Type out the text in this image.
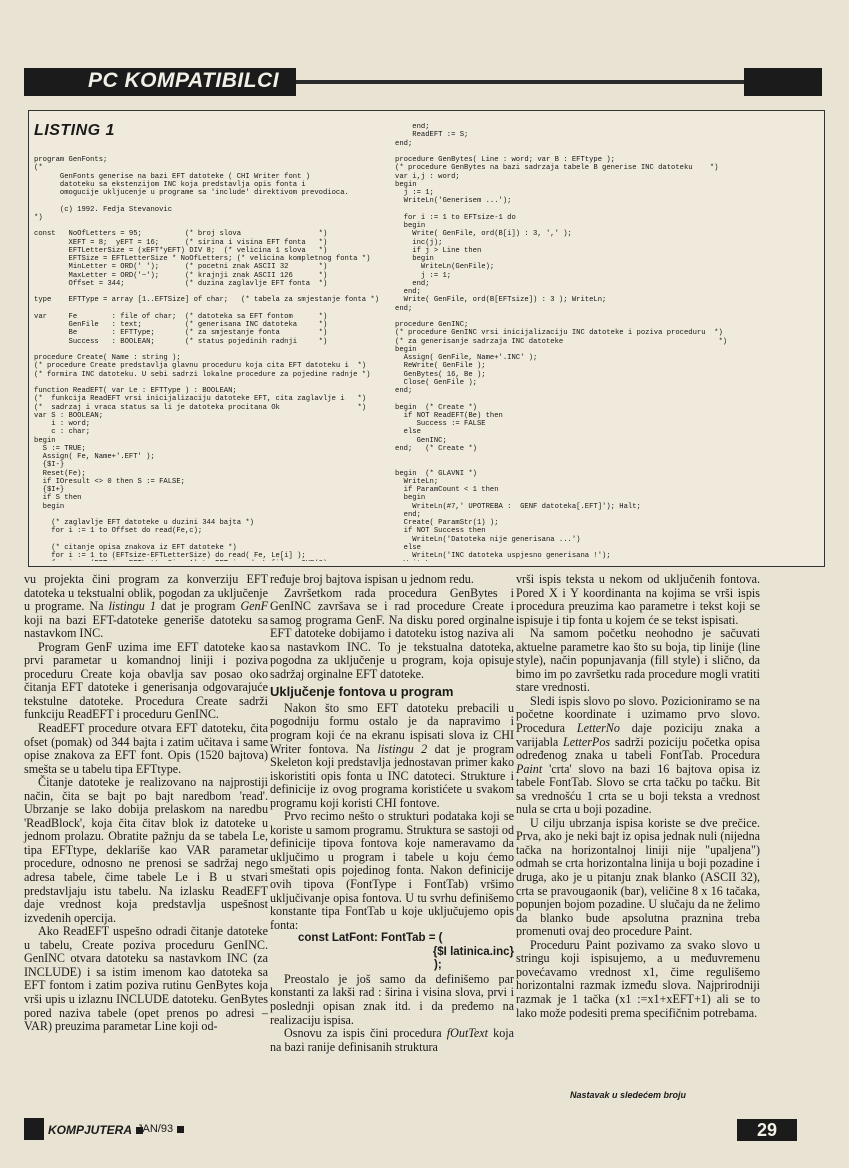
PC KOMPATIBILCI
LISTING 1
program GenFonts;
(*
GenFonts generise na bazi EFT datoteke ( CHI Writer font )
datoteku sa ekstenzijom INC koja predstavlja opis fonta i
omogucije ukljucenje u programe sa 'include' direktivom prevodioca.

(c) 1992. Fedja Stevanovic
*)

const   NoOfLetters = 95;          (* broj slova                  *)
XEFT = 8;  yEFT = 16;      (* sirina i visina EFT fonta   *)
EFTLetterSize = (xEFT*yEFT) DIV 8;  (* velicina 1 slova   *)
EFTSize = EFTLetterSize * NoOfLetters; (* velicina kompletnog fonta *)
MinLetter = ORD(' ');      (* pocetni znak ASCII 32       *)
MaxLetter = ORD('~');      (* krajnji znak ASCII 126      *)
Offset = 344;              (* duzina zaglavlje EFT fonta  *)

type    EFTType = array [1..EFTSize] of char;   (* tabela za smjestanje fonta *)

var     Fe        : file of char;  (* datoteka sa EFT fontom      *)
GenFile   : text;          (* generisana INC datoteka     *)
Be        : EFTType;       (* za smjestanje fonta         *)
Success   : BOOLEAN;       (* status pojedinih radnji     *)

procedure Create( Name : string );
(* procedure Create predstavlja glavnu proceduru koja cita EFT datoteku i  *)
(* formira INC datoteku. U sebi sadrzi lokalne procedure za pojedine radnje *)

function ReadEFT( var Le : EFTType ) : BOOLEAN;
(*  funkcija ReadEFT vrsi inicijalizaciju datoteke EFT, cita zaglavlje i   *)
(*  sadrzaj i vraca status sa li je datoteka procitana Ok                  *)
var S : BOOLEAN;
i : word;
c : char;
begin
S := TRUE;
Assign( Fe, Name+'.EFT' );
{$I-}
Reset(Fe);
if IOresult <> 0 then S := FALSE;
{$I+}
if S then
begin

(* zaglavlje EFT datoteke u duzini 344 bajta *)
for i := 1 to Offset do read(Fe,c);

(* citanje opisa znakova iz EFT datoteke *)
for i := 1 to (EFTsize-EFTLetterSize) do read( Fe, Le[i] );

end;
ReadEFT := S;
end;

procedure GenBytes( Line : word; var B : EFTtype );
(* procedure GenBytes na bazi sadrzaja tabele B generise INC datoteku    *)
var i,j : word;
begin
j := 1;
WriteLn('Generisem ...');

for i := 1 to EFTsize-1 do
begin
Write( GenFile, ord(B[i]) : 3, ',' );
inc(j);
if j > Line then
begin
WriteLn(GenFile);
j := 1;
end;
end;
Write( GenFile, ord(B[EFTsize]) : 3 ); WriteLn;
end;

procedure GenINC;
(* procedure GenINC vrsi inicijalizaciju INC datoteke i poziva proceduru  *)
(* za generisanje sadrzaja INC datoteke                                    *)
begin
Assign( GenFile, Name+'.INC' );
ReWrite( GenFile );
GenBytes( 16, Be );
Close( GenFile );
end;

begin  (* Create *)
if NOT ReadEFT(Be) then
Success := FALSE
else
GenINC;
end;   (* Create *)

begin  (* GLAVNI *)
WriteLn;
if ParamCount < 1 then
begin
WriteLn(#7,' UPOTREBA :  GENF datoteka[.EFT]'); Halt;
end;
Create( ParamStr(1) );
if NOT Success then
WriteLn('Datoteka nije generisana ...')
else
WriteLn('INC datoteka uspjesno generisana !');

vu projekta čini program za konverziju EFT datoteka u tekstualni oblik, pogodan za uključenje u programe. Na listingu 1 dat je program GenF koji na bazi EFT-datoteke generiše datoteku sa nastavkom INC.

Program GenF uzima ime EFT datoteke kao prvi parametar u komandnoj liniji i poziva proceduru Create koja obavlja sav posao oko čitanja EFT datoteke i generisanja odgovarajuće tekstulne datoteke. Procedura Create sadrži funkciju ReadEFT i proceduru GenINC.

ReadEFT procedure otvara EFT datoteku, čita ofset (pomak) od 344 bajta i zatim učitava i same opise znakova za EFT font. Opis (1520 bajtova) smešta se u tabelu tipa EFTtype.

Čitanje datoteke je realizovano na najprostiji način, čita se bajt po bajt naredbom 'read'. Ubrzanje se lako dobija prelaskom na naredbu 'ReadBlock', koja čita čitav blok iz datoteke u jednom prolazu. Obratite pažnju da se tabela Le, tipa EFTtype, deklariše kao VAR parametar procedure, odnosno ne prenosi se sadržaj nego adresa tabele, čime tabele Le i B u stvari predstavljaju istu tabelu. Na izlasku ReadEFT daje vrednost koja predstavlja uspešnost izvedenih opercija.

Ako ReadEFT uspešno odradi čitanje datoteke u tabelu, Create poziva proceduru GenINC. GenINC otvara datoteku sa nastavkom INC (za INCLUDE) i sa istim imenom kao datoteka sa EFT fontom i zatim poziva rutinu GenBytes koja vrši upis u izlaznu INCLUDE datoteku. GenBytes pored naziva tabele (opet prenos po adresi – VAR) preuzima parametar Line koji od-

ređuje broj bajtova ispisan u jednom redu.

Završetkom rada procedura GenBytes i GenINC završava se i rad procedure Create i samog programa GenF. Na disku pored orginalne EFT datoteke dobijamo i datoteku istog naziva ali sa nastavkom INC. To je tekstualna datoteka, pogodna za uključenje u program, koja opisuje sadržaj orginalne EFT datoteke.

Uključenje fontova u program

Nakon što smo EFT datoteku prebacili u pogodniju formu ostalo je da napravimo i program koji će na ekranu ispisati slova iz CHI Writer fontova. Na listingu 2 dat je program Skeleton koji predstavlja jednostavan primer kako iskoristiti opis fonta u INC datoteci. Strukture i definicije iz ovog programa koristićete u svakom programu koji koristi CHI fontove.

Prvo recimo nešto o strukturi podataka koji se koriste u samom programu. Struktura se sastoji od definicije tipova fontova koje nameravamo da uključimo u program i tabele u koju ćemo smeštati opis pojedinog fonta. Nakon definicije ovih tipova (FontType i FontTab) vršimo uključivanje opisa fontova. U tu svrhu definišemo konstante tipa FontTab u koje uključujemo opis fonta:

const LatFont: FontTab = (

{$I latinica.inc}

);

Preostalo je još samo da definišemo par konstanti za lakši rad : širina i visina slova, prvi i poslednji opisan znak itd. i da pređemo na realizaciju ispisa.

Osnovu za ispis čini procedura fOutText koja na bazi ranije definisanih struktura

vrši ispis teksta u nekom od uključenih fontova. Pored X i Y koordinanta na kojima se vrši ispis procedura preuzima kao parametre i tekst koji se ispisuje i tip fonta u kojem će se tekst ispisati.

Na samom početku neohodno je sačuvati aktuelne parametre kao što su boja, tip linije (line style), način popunjavanja (fill style) i slično, da bimo im po završetku rada procedure mogli vratiti stare vrednosti.

Sledi ispis slovo po slovo. Pozicioniramo se na početne koordinate i uzimamo prvo slovo. Procedura LetterNo daje poziciju znaka a varijabla LetterPos sadrži poziciju početka opisa određenog znaka u tabeli FontTab. Procedura Paint 'crta' slovo na bazi 16 bajtova opisa iz tabele FontTab. Slovo se crta tačku po tačku. Bit sa vrednošću 1 crta se u boji teksta a vrednost nula se crta u boji pozadine.

U cilju ubrzanja ispisa koriste se dve prečice. Prva, ako je neki bajt iz opisa jednak nuli (nijedna tačka na horizontalnoj liniji nije "upaljena") odmah se crta horizontalna linija u boji pozadine i druga, ako je u pitanju znak blanko (ASCII 32), crta se pravougaonik (bar), veličine 8 x 16 tačaka, popunjen bojom pozadine. U slučaju da ne želimo da blanko bude apsolutna praznina treba promenuti ovaj deo procedure Paint.

Proceduru Paint pozivamo za svako slovo u stringu koji ispisujemo, a u međuvremenu povećavamo vrednost x1, čime regulišemo horizontalni razmak između slova. Najprirodniji razmak je 1 tačka (x1 :=x1+xEFT+1) ali se to lako može podesiti prema specifičnim potrebama.

Nastavak u sledećem broju
KOMPJUTERA JAN/93	29
